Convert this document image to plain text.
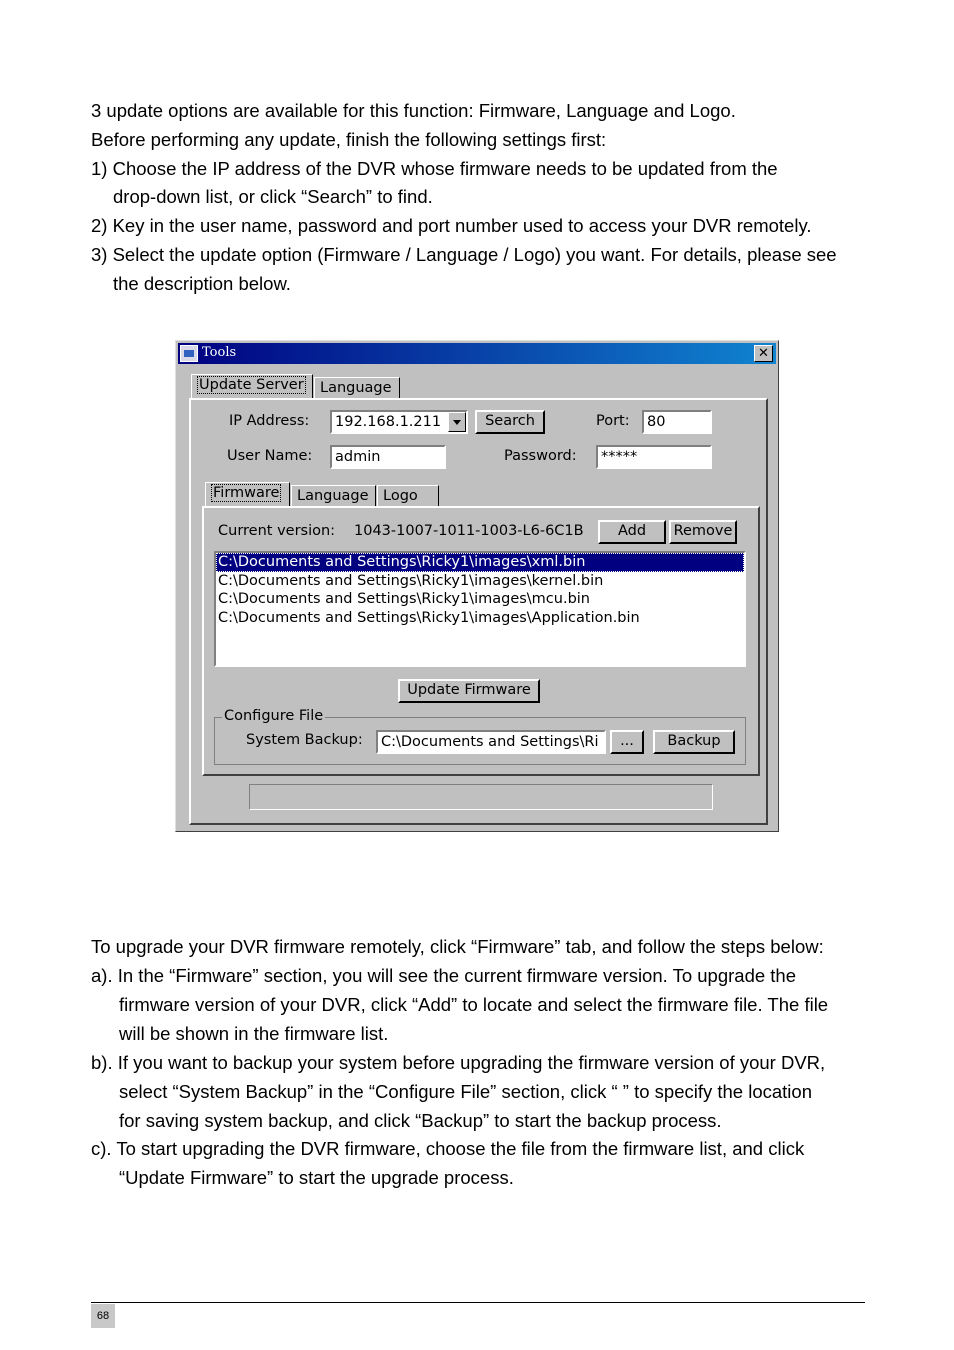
3 update options are available for this function: Firmware, Language and Logo.
Before performing any update, finish the following settings first:
1) Choose the IP address of the DVR whose firmware needs to be updated from the
drop-down list, or click “Search” to find.
2) Key in the user name, password and port number used to access your DVR remotely.
3) Select the update option (Firmware / Language / Logo) you want. For details, please see
the description below.
Tools	✕
Update Server	Language
IP Address:	192.168.1.211	Search	Port:	80
User Name:	admin	Password:	*****
Firmware	Language Logo
Current version: 1043-1007-1011-1003-L6-6C1B	Add	Remove
C:\Documents and Settings\Ricky1\images\xml.bin
C:\Documents and Settings\Ricky1\images\kernel.bin
C:\Documents and Settings\Ricky1\images\mcu.bin
C:\Documents and Settings\Ricky1\images\Application.bin
Update Firmware
Configure File
System Backup:	C:\Documents and Settings\Ri	...	Backup
To upgrade your DVR firmware remotely, click “Firmware” tab, and follow the steps below:
a). In the “Firmware” section, you will see the current firmware version. To upgrade the
firmware version of your DVR, click “Add” to locate and select the firmware file. The file
will be shown in the firmware list.
b). If you want to backup your system before upgrading the firmware version of your DVR,
select “System Backup” in the “Configure File” section, click “ ” to specify the location
for saving system backup, and click “Backup” to start the backup process.
c). To start upgrading the DVR firmware, choose the file from the firmware list, and click
“Update Firmware” to start the upgrade process.
68
